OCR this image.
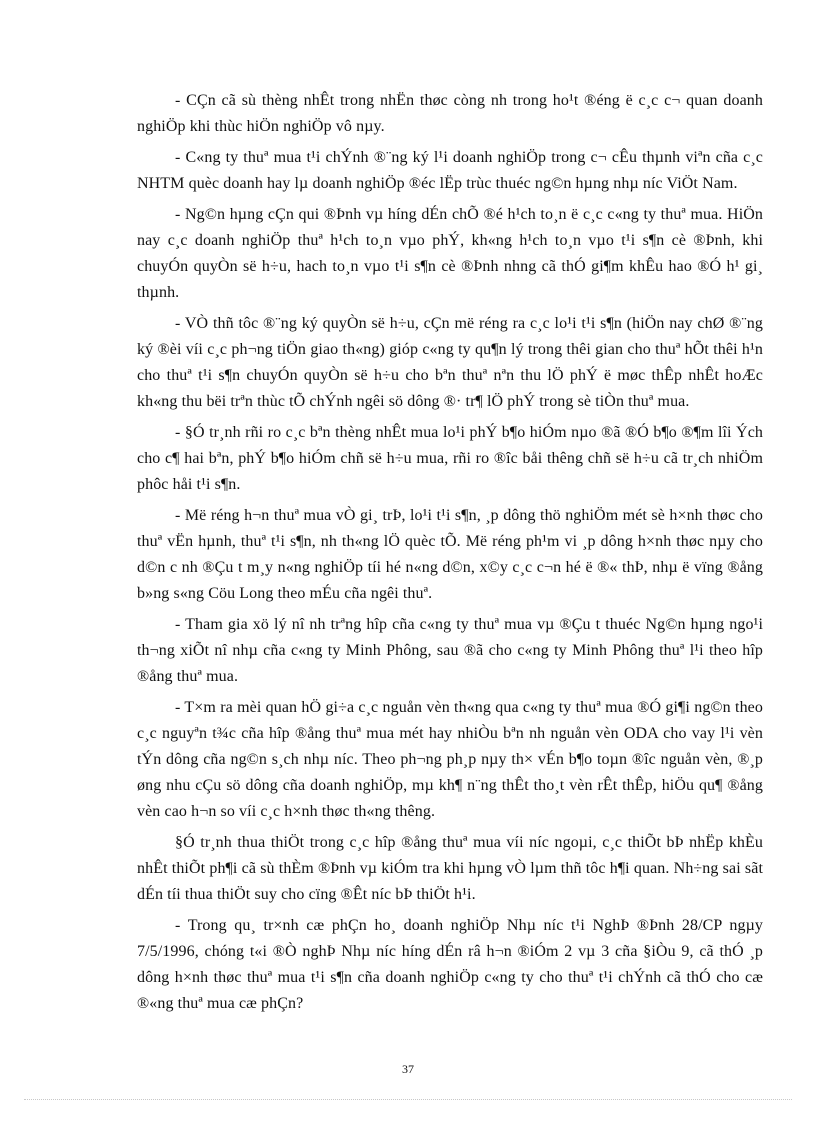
- CÇn cã sù thèng nhÊt trong nhËn thøc còng nh trong ho¹t ®éng ë c¸c c¬ quan doanh nghiÖp khi thùc hiÖn nghiÖp vô nµy.

- C«ng ty thuª mua t¹i chÝnh ®¨ng ký l¹i doanh nghiÖp trong c¬ cÊu thµnh viªn cña c¸c NHTM quèc doanh hay lµ doanh nghiÖp ®éc lËp trùc thuéc ng©n hµng nhµ níc ViÖt Nam.

- Ng©n hµng cÇn qui ®Þnh vµ híng dÉn chÕ ®é h¹ch to¸n ë c¸c c«ng ty thuª mua. HiÖn nay c¸c doanh nghiÖp thuª h¹ch to¸n vµo phÝ, kh«ng h¹ch to¸n vµo t¹i s¶n cè ®Þnh, khi chuyÓn quyÒn së h÷u, hach to¸n vµo t¹i s¶n cè ®Þnh nhng cã thÓ gi¶m khÊu hao ®Ó h¹ gi¸ thµnh.

- VÒ thñ tôc ®¨ng ký quyÒn së h÷u, cÇn më réng ra c¸c lo¹i t¹i s¶n (hiÖn nay chØ ®¨ng ký ®èi víi c¸c ph¬ng tiÖn giao th«ng) gióp c«ng ty qu¶n lý trong thêi gian cho thuª hÕt thêi h¹n cho thuª t¹i s¶n chuyÓn quyÒn së h÷u cho bªn thuª nªn thu lÖ phÝ ë møc thÊp nhÊt hoÆc kh«ng thu bëi trªn thùc tÕ chÝnh ngêi sö dông ®· tr¶ lÖ phÝ trong sè tiÒn thuª mua.

- §Ó tr¸nh rñi ro c¸c bªn thèng nhÊt mua lo¹i phÝ b¶o hiÓm nµo ®ã ®Ó b¶o ®¶m lîi Ých cho c¶ hai bªn, phÝ b¶o hiÓm chñ së h÷u mua, rñi ro ®îc båi thêng chñ së h÷u cã tr¸ch nhiÖm phôc håi t¹i s¶n.

- Më réng h¬n thuª mua vÒ gi¸ trÞ, lo¹i t¹i s¶n, ¸p dông thö nghiÖm mét sè h×nh thøc cho thuª vËn hµnh, thuª t¹i s¶n, nh th«ng lÖ quèc tÕ. Më réng ph¹m vi ¸p dông h×nh thøc nµy cho d©n c nh ®Çu t m¸y n«ng nghiÖp tíi hé n«ng d©n, x©y c¸c c¬n hé ë ®« thÞ, nhµ ë vïng ®ång b»ng s«ng Cöu Long theo mÉu cña ngêi thuª.

- Tham gia xö lý nî nh trªng hîp cña c«ng ty thuª mua vµ ®Çu t thuéc Ng©n hµng ngo¹i th¬ng xiÕt nî nhµ cña c«ng ty Minh Phông, sau ®ã cho c«ng ty Minh Phông thuª l¹i theo hîp ®ång thuª mua.

- T×m ra mèi quan hÖ gi÷a c¸c nguån vèn th«ng qua c«ng ty thuª mua ®Ó gi¶i ng©n theo c¸c nguyªn t¾c cña hîp ®ång thuª mua mét hay nhiÒu bªn nh nguån vèn ODA cho vay l¹i vèn tÝn dông cña ng©n s¸ch nhµ níc. Theo ph¬ng ph¸p nµy th× vÉn b¶o toµn ®îc nguån vèn, ®¸p øng nhu cÇu sö dông cña doanh nghiÖp, mµ kh¶ n¨ng thÊt tho¸t vèn rÊt thÊp, hiÖu qu¶ ®ång vèn cao h¬n so víi c¸c h×nh thøc th«ng thêng.

§Ó tr¸nh thua thiÖt trong c¸c hîp ®ång thuª mua víi níc ngoµi, c¸c thiÕt bÞ nhËp khÈu nhÊt thiÕt ph¶i cã sù thÈm ®Þnh vµ kiÓm tra khi hµng vÒ lµm thñ tôc h¶i quan. Nh÷ng sai sãt dÉn tíi thua thiÖt suy cho cïng ®Êt níc bÞ thiÖt h¹i.

- Trong qu¸ tr×nh cæ phÇn ho¸ doanh nghiÖp Nhµ níc t¹i NghÞ ®Þnh 28/CP ngµy 7/5/1996, chóng t«i ®Ò nghÞ Nhµ níc híng dÉn râ h¬n ®iÓm 2 vµ 3 cña §iÒu 9, cã thÓ ¸p dông h×nh thøc thuª mua t¹i s¶n cña doanh nghiÖp c«ng ty cho thuª t¹i chÝnh cã thÓ cho cæ ®«ng thuª mua cæ phÇn?

37
